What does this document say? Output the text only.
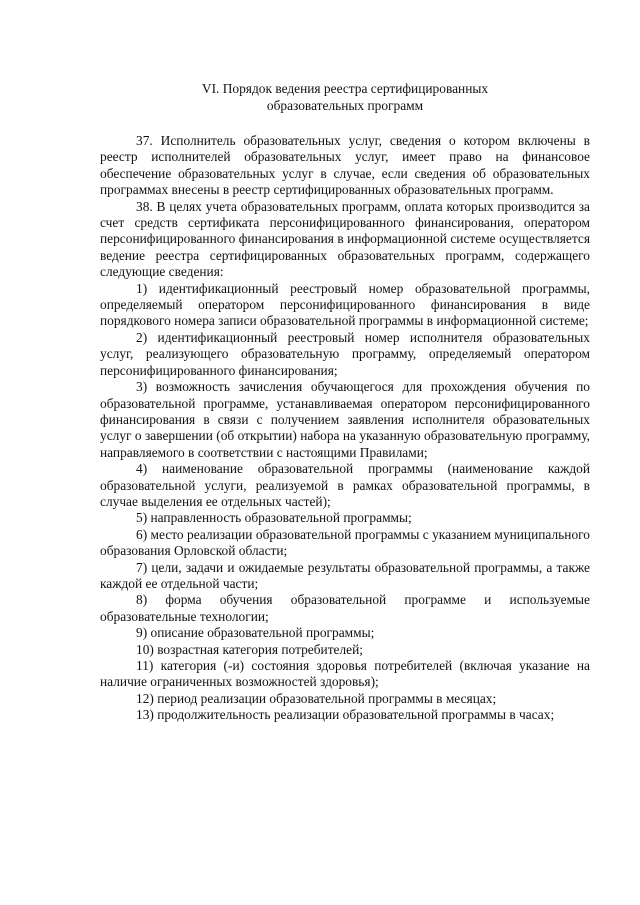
VI. Порядок ведения реестра сертифицированных
образовательных программ

37. Исполнитель образовательных услуг, сведения о котором включены в реестр исполнителей образовательных услуг, имеет право на финансовое обеспечение образовательных услуг в случае, если сведения об образовательных программах внесены в реестр сертифицированных образовательных программ.

38. В целях учета образовательных программ, оплата которых производится за счет средств сертификата персонифицированного финансирования, оператором персонифицированного финансирования в информационной системе осуществляется ведение реестра сертифицированных образовательных программ, содержащего следующие сведения:

1) идентификационный реестровый номер образовательной программы, определяемый оператором персонифицированного финансирования в виде порядкового номера записи образовательной программы в информационной системе;

2) идентификационный реестровый номер исполнителя образовательных услуг, реализующего образовательную программу, определяемый оператором персонифицированного финансирования;

3) возможность зачисления обучающегося для прохождения обучения по образовательной программе, устанавливаемая оператором персонифицированного финансирования в связи с получением заявления исполнителя образовательных услуг о завершении (об открытии) набора на указанную образовательную программу, направляемого в соответствии с настоящими Правилами;

4) наименование образовательной программы (наименование каждой образовательной услуги, реализуемой в рамках образовательной программы, в случае выделения ее отдельных частей);

5) направленность образовательной программы;

6) место реализации образовательной программы с указанием муниципального образования Орловской области;

7) цели, задачи и ожидаемые результаты образовательной программы, а также каждой ее отдельной части;

8) форма обучения образовательной программе и используемые образовательные технологии;

9) описание образовательной программы;

10) возрастная категория потребителей;

11) категория (-и) состояния здоровья потребителей (включая указание на наличие ограниченных возможностей здоровья);

12) период реализации образовательной программы в месяцах;

13) продолжительность реализации образовательной программы в часах;
